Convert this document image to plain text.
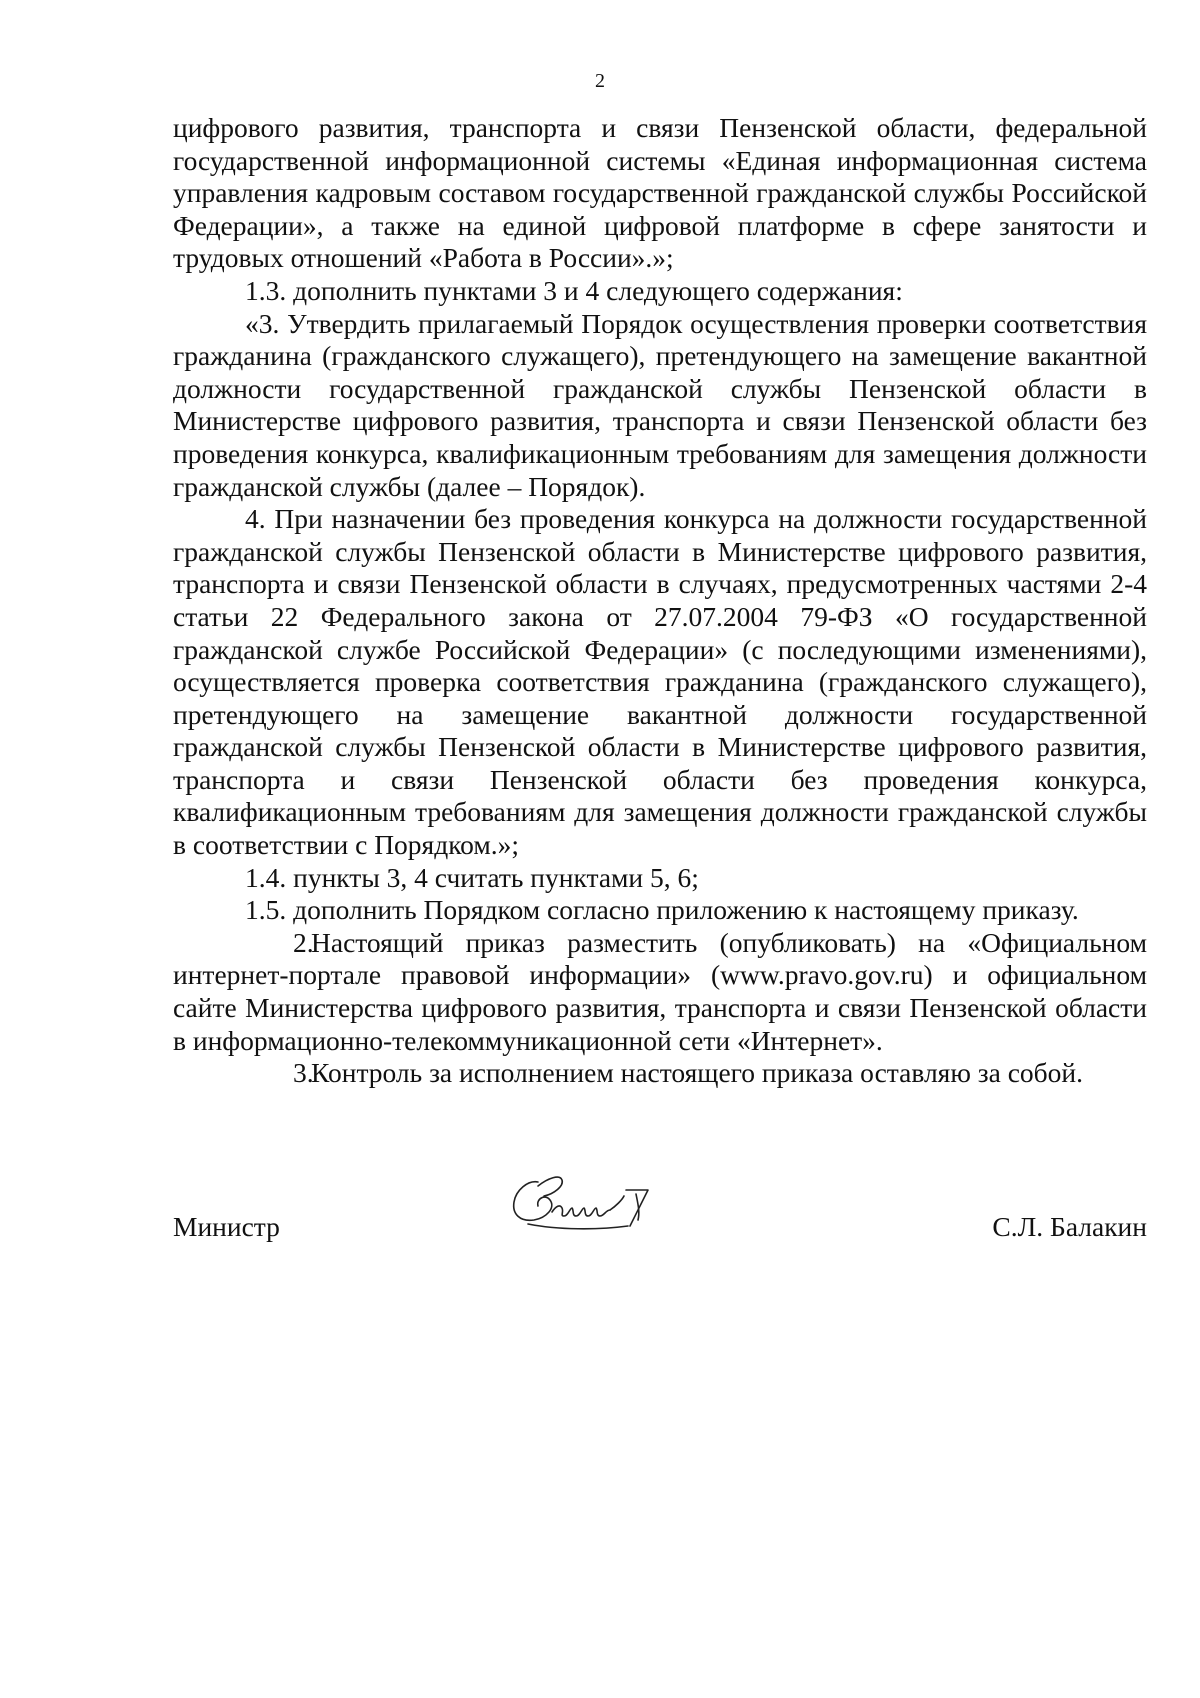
2

цифрового развития, транспорта и связи Пензенской области, федеральной государственной информационной системы «Единая информационная система управления кадровым составом государственной гражданской службы Российской Федерации», а также на единой цифровой платформе в сфере занятости и трудовых отношений «Работа в России».»;

1.3. дополнить пунктами 3 и 4 следующего содержания:

«3. Утвердить прилагаемый Порядок осуществления проверки соответствия гражданина (гражданского служащего), претендующего на замещение вакантной должности государственной гражданской службы Пензенской области в Министерстве цифрового развития, транспорта и связи Пензенской области без проведения конкурса, квалификационным требованиям для замещения должности гражданской службы (далее – Порядок).

4. При назначении без проведения конкурса на должности государственной гражданской службы Пензенской области в Министерстве цифрового развития, транспорта и связи Пензенской области в случаях, предусмотренных частями 2-4 статьи 22 Федерального закона от 27.07.2004 79-ФЗ «О государственной гражданской службе Российской Федерации» (с последующими изменениями), осуществляется проверка соответствия гражданина (гражданского служащего), претендующего на замещение вакантной должности государственной гражданской службы Пензенской области в Министерстве цифрового развития, транспорта и связи Пензенской области без проведения конкурса, квалификационным требованиям для замещения должности гражданской службы в соответствии с Порядком.»;

1.4. пункты 3, 4 считать пунктами 5, 6;

1.5. дополнить Порядком согласно приложению к настоящему приказу.

2.Настоящий приказ разместить (опубликовать) на «Официальном интернет-портале правовой информации» (www.pravo.gov.ru) и официальном сайте Министерства цифрового развития, транспорта и связи Пензенской области в информационно-телекоммуникационной сети «Интернет».

3.Контроль за исполнением настоящего приказа оставляю за собой.

Министр	С.Л. Балакин
